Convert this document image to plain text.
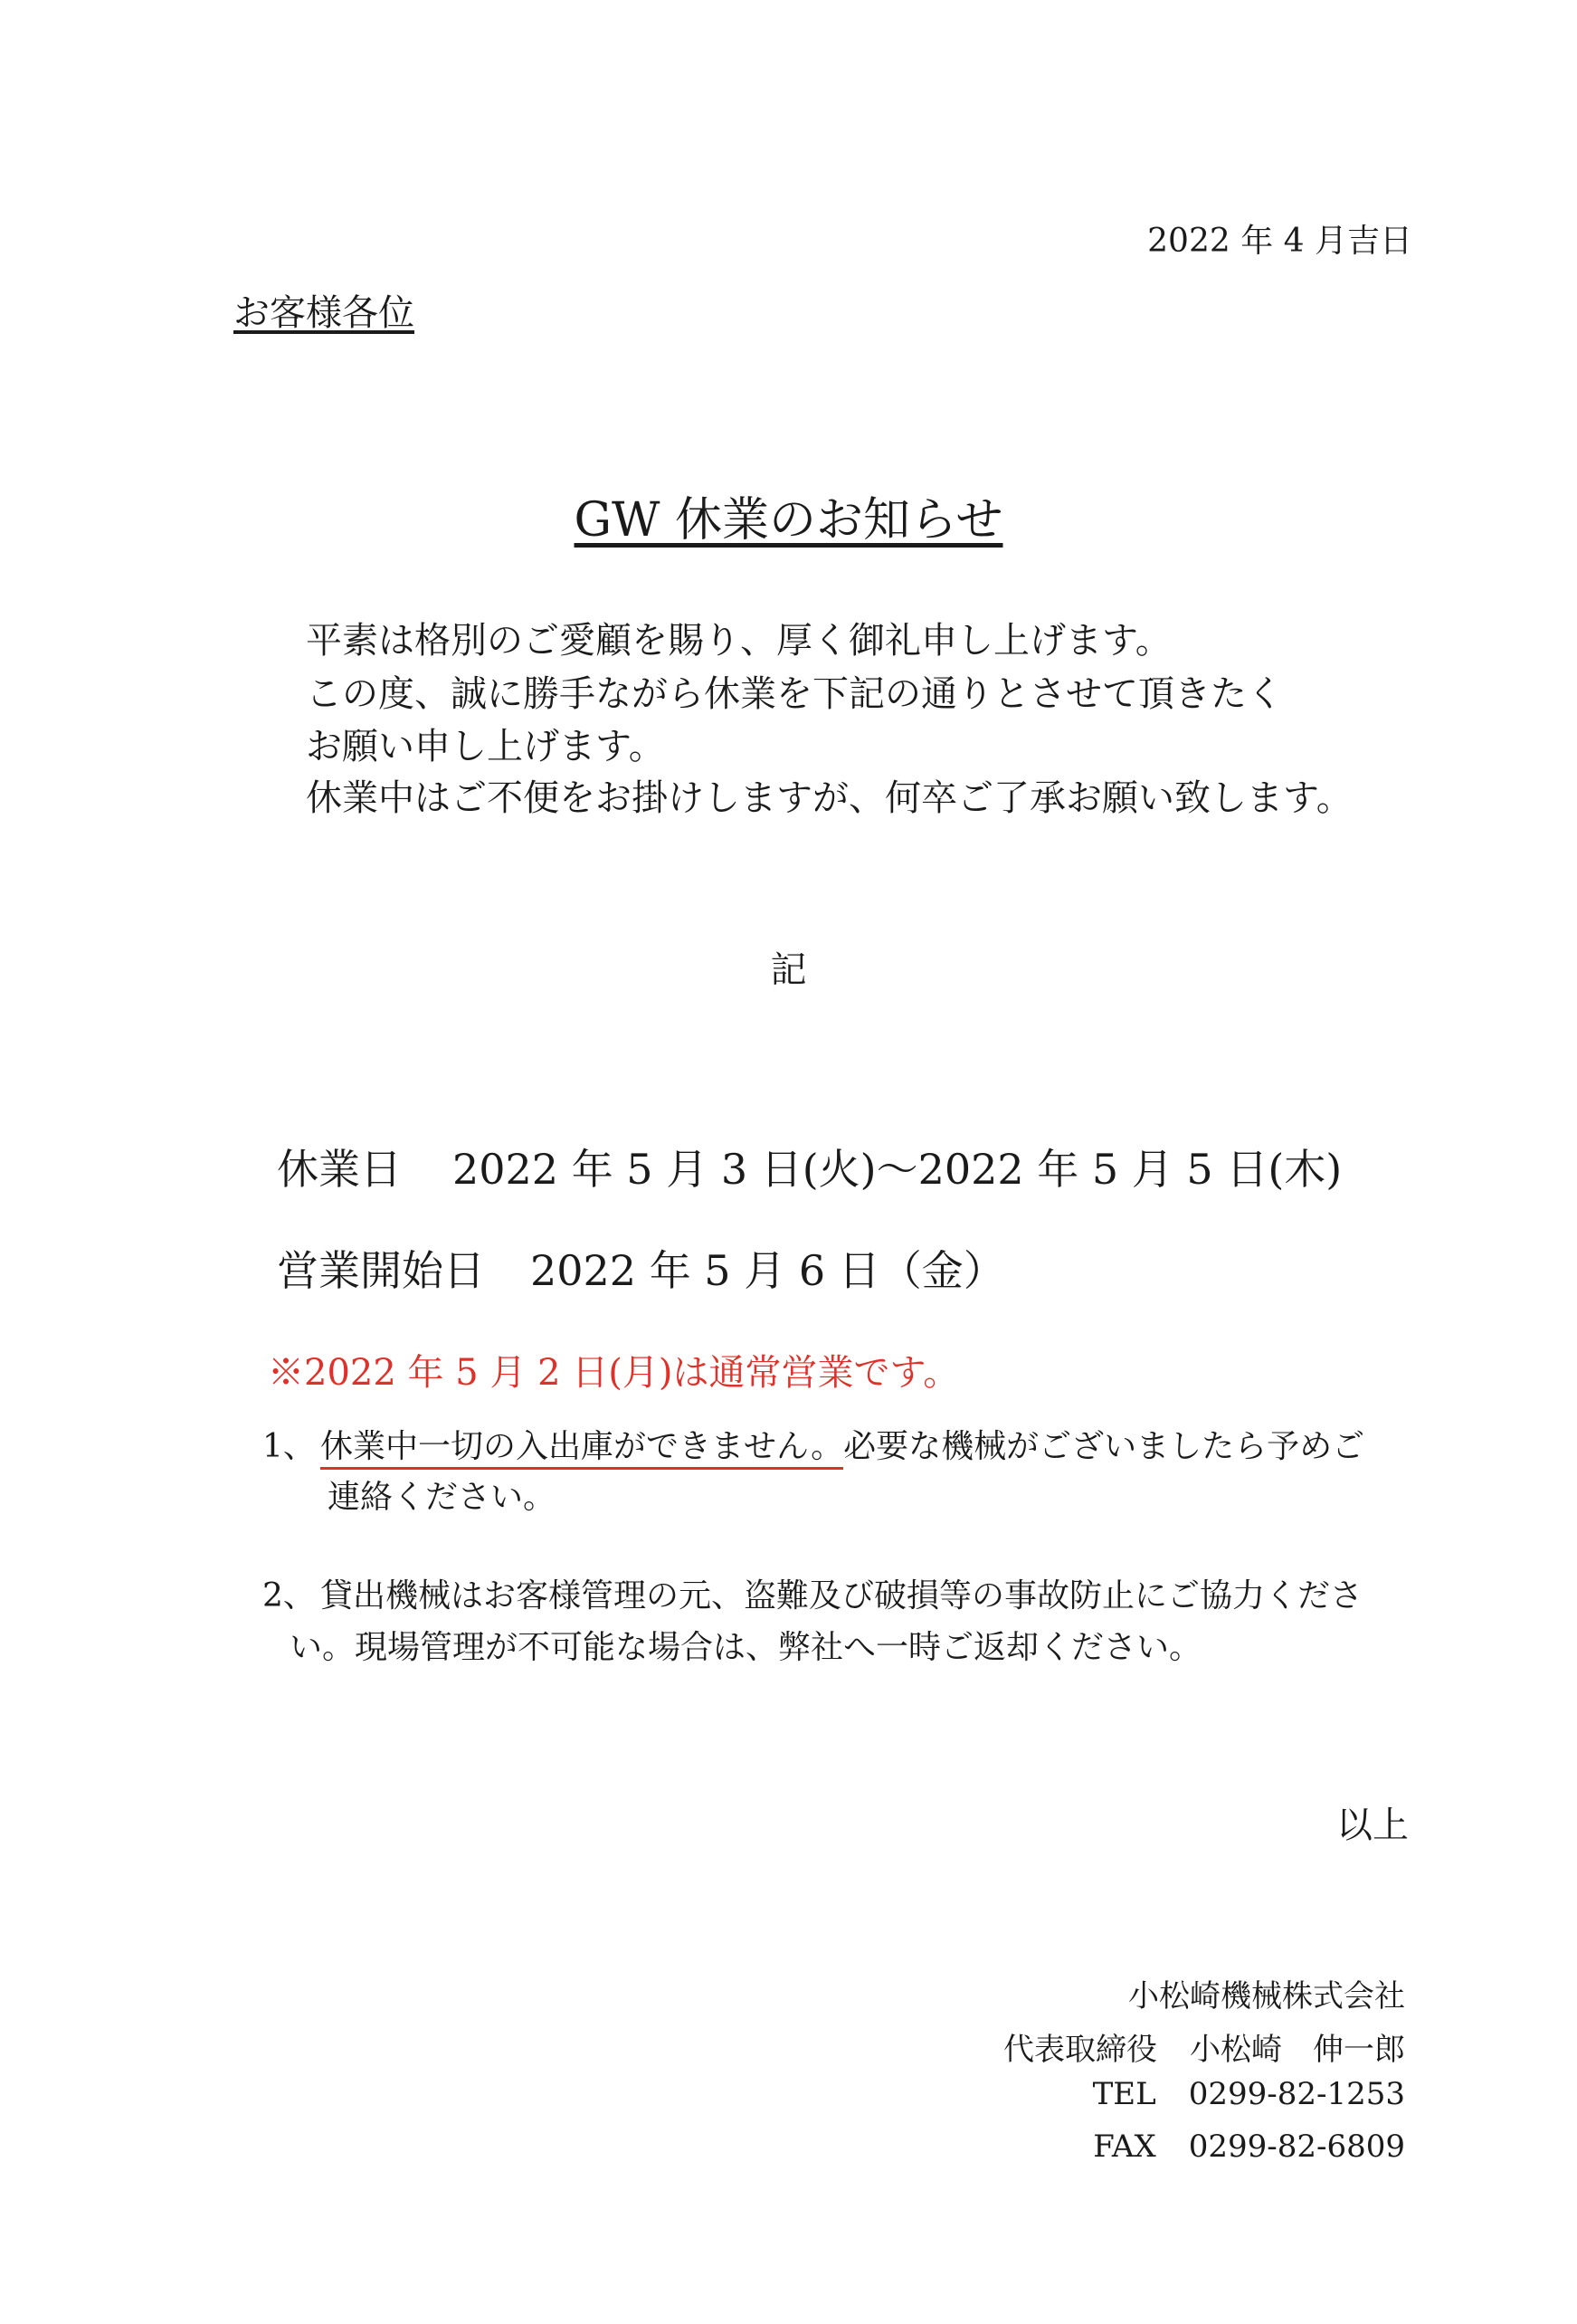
2022 年 4 月吉日
お客様各位
GW 休業のお知らせ
平素は格別のご愛顧を賜り、厚く御礼申し上げます。
この度、誠に勝手ながら休業を下記の通りとさせて頂きたく
お願い申し上げます。
休業中はご不便をお掛けしますが、何卒ご了承お願い致します。
記
休業日 2022 年 5 月 3 日(火)～2022 年 5 月 5 日(木)
営業開始日 2022 年 5 月 6 日（金）
※2022 年 5 月 2 日(月)は通常営業です。
1、 休業中一切の入出庫ができません。必要な機械がございましたら予めご
連絡ください。
2、 貸出機械はお客様管理の元、盗難及び破損等の事故防止にご協力くださ
い。現場管理が不可能な場合は、弊社へ一時ご返却ください。
以上
小松崎機械株式会社
代表取締役 小松崎　伸一郎
TEL 0299-82-1253
FAX 0299-82-6809
